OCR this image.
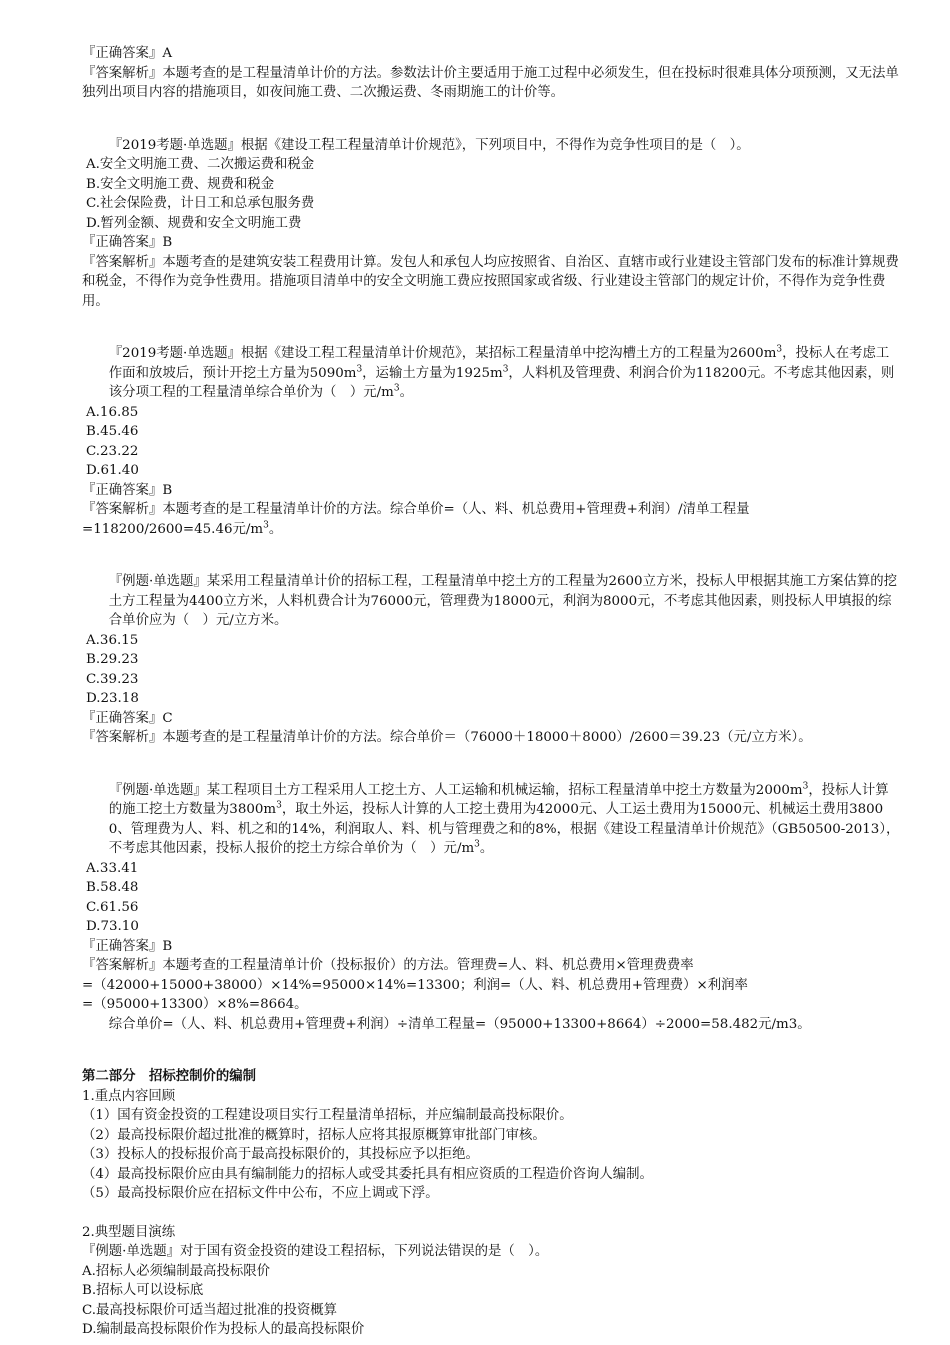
『正确答案』A
『答案解析』本题考查的是工程量清单计价的方法。参数法计价主要适用于施工过程中必须发生，但在投标时很难具体分项预测，又无法单独列出项目内容的措施项目，如夜间施工费、二次搬运费、冬雨期施工的计价等。
『2019考题·单选题』根据《建设工程工程量清单计价规范》，下列项目中，不得作为竞争性项目的是（　）。
A.安全文明施工费、二次搬运费和税金
B.安全文明施工费、规费和税金
C.社会保险费，计日工和总承包服务费
D.暂列金额、规费和安全文明施工费
『正确答案』B
『答案解析』本题考查的是建筑安装工程费用计算。发包人和承包人均应按照省、自治区、直辖市或行业建设主管部门发布的标准计算规费和税金，不得作为竞争性费用。措施项目清单中的安全文明施工费应按照国家或省级、行业建设主管部门的规定计价，不得作为竞争性费用。
『2019考题·单选题』根据《建设工程工程量清单计价规范》，某招标工程量清单中挖沟槽土方的工程量为$2600m^3$，投标人在考虑工作面和放坡后，预计开挖土方量为$5090m^3$，运输土方量为$1925m^3$，人料机及管理费、利润合价为118200元。不考虑其他因素，则该分项工程的工程量清单综合单价为（　）元$/m^3$。
A.16.85
B.45.46
C.23.22
D.61.40
『正确答案』B
『答案解析』本题考查的是工程量清单计价的方法。综合单价=（人、料、机总费用+管理费+利润）/清单工程量
=118200/2600=45.46元$/m^3$。
『例题·单选题』某采用工程量清单计价的招标工程，工程量清单中挖土方的工程量为2600立方米，投标人甲根据其施工方案估算的挖土方工程量为4400立方米，人料机费合计为76000元，管理费为18000元，利润为8000元，不考虑其他因素，则投标人甲填报的综合单价应为（　）元/立方米。
A.36.15
B.29.23
C.39.23
D.23.18
『正确答案』C
『答案解析』本题考查的是工程量清单计价的方法。综合单价＝（76000＋18000＋8000）/2600＝39.23（元/立方米）。
『例题·单选题』某工程项目土方工程采用人工挖土方、人工运输和机械运输，招标工程量清单中挖土方数量为$2000m^3$，投标人计算的施工挖土方数量为$3800m^3$，取土外运，投标人计算的人工挖土费用为42000元、人工运土费用为15000元、机械运土费用38000、管理费为人、料、机之和的14%，利润取人、料、机与管理费之和的8%，根据《建设工程量清单计价规范》（GB50500-2013），不考虑其他因素，投标人报价的挖土方综合单价为（　）元$/m^3$。
A.33.41
B.58.48
C.61.56
D.73.10
『正确答案』B
『答案解析』本题考查的工程量清单计价（投标报价）的方法。管理费=人、料、机总费用×管理费费率
=（42000+15000+38000）×14%=95000×14%=13300；利润=（人、料、机总费用+管理费）×利润率
=（95000+13300）×8%=8664。
综合单价=（人、料、机总费用+管理费+利润）÷清单工程量=（95000+13300+8664）÷2000=58.482元/m3。
第二部分　招标控制价的编制
1.重点内容回顾
（1）国有资金投资的工程建设项目实行工程量清单招标，并应编制最高投标限价。
（2）最高投标限价超过批准的概算时，招标人应将其报原概算审批部门审核。
（3）投标人的投标报价高于最高投标限价的，其投标应予以拒绝。
（4）最高投标限价应由具有编制能力的招标人或受其委托具有相应资质的工程造价咨询人编制。
（5）最高投标限价应在招标文件中公布，不应上调或下浮。
2.典型题目演练
『例题·单选题』对于国有资金投资的建设工程招标，下列说法错误的是（　）。
A.招标人必须编制最高投标限价
B.招标人可以设标底
C.最高投标限价可适当超过批准的投资概算
D.编制最高投标限价作为投标人的最高投标限价
